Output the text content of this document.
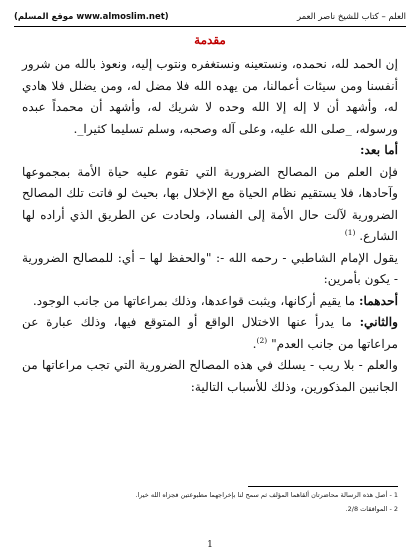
العلم – كتاب للشيخ ناصر العمر
(موقع المسلم www.almoslim.net)
مقدمة

إن الحمد لله، نحمده، ونستعينه ونستغفره ونتوب إليه، ونعوذ بالله من شرور أنفسنا ومن سيئات أعمالنا، من يهده الله فلا مضل له، ومن يضلل فلا هادي له، وأشهد أن لا إله إلا الله وحده لا شريك له، وأشهد أن محمداً عبده ورسوله، _صلى الله عليه، وعلى آله وصحبه، وسلم تسليما كثيرا_.

أما بعد:

فإن العلم من المصالح الضرورية التي تقوم عليه حياة الأمة بمجموعها وآحادها، فلا يستقيم نظام الحياة مع الإخلال بها، بحيث لو فاتت تلك المصالح الضرورية لآلت حال الأمة إلى الفساد، ولحادت عن الطريق الذي أراده لها الشارع. $^{(1)}$

يقول الإمام الشاطبي - رحمه الله -: "والحفظ لها – أي: للمصالح الضرورية - يكون بأمرين:

أحدهما: ما يقيم أركانها، ويثبت قواعدها، وذلك بمراعاتها من جانب الوجود.

والثاني: ما يدرأ عنها الاختلال الواقع أو المتوقع فيها، وذلك عبارة عن مراعاتها من جانب العدم" $^{(2)}$.

والعلم - بلا ريب - يسلك في هذه المصالح الضرورية التي تجب مراعاتها من الجانبين المذكورين، وذلك للأسباب التالية:

1 - أصل هذه الرسالة محاضرتان ألقاهما المؤلف ثم سمح لنا بإخراجهما مطبوعتين فجزاه الله خيرا.
2 - الموافقات 2/8.
1
